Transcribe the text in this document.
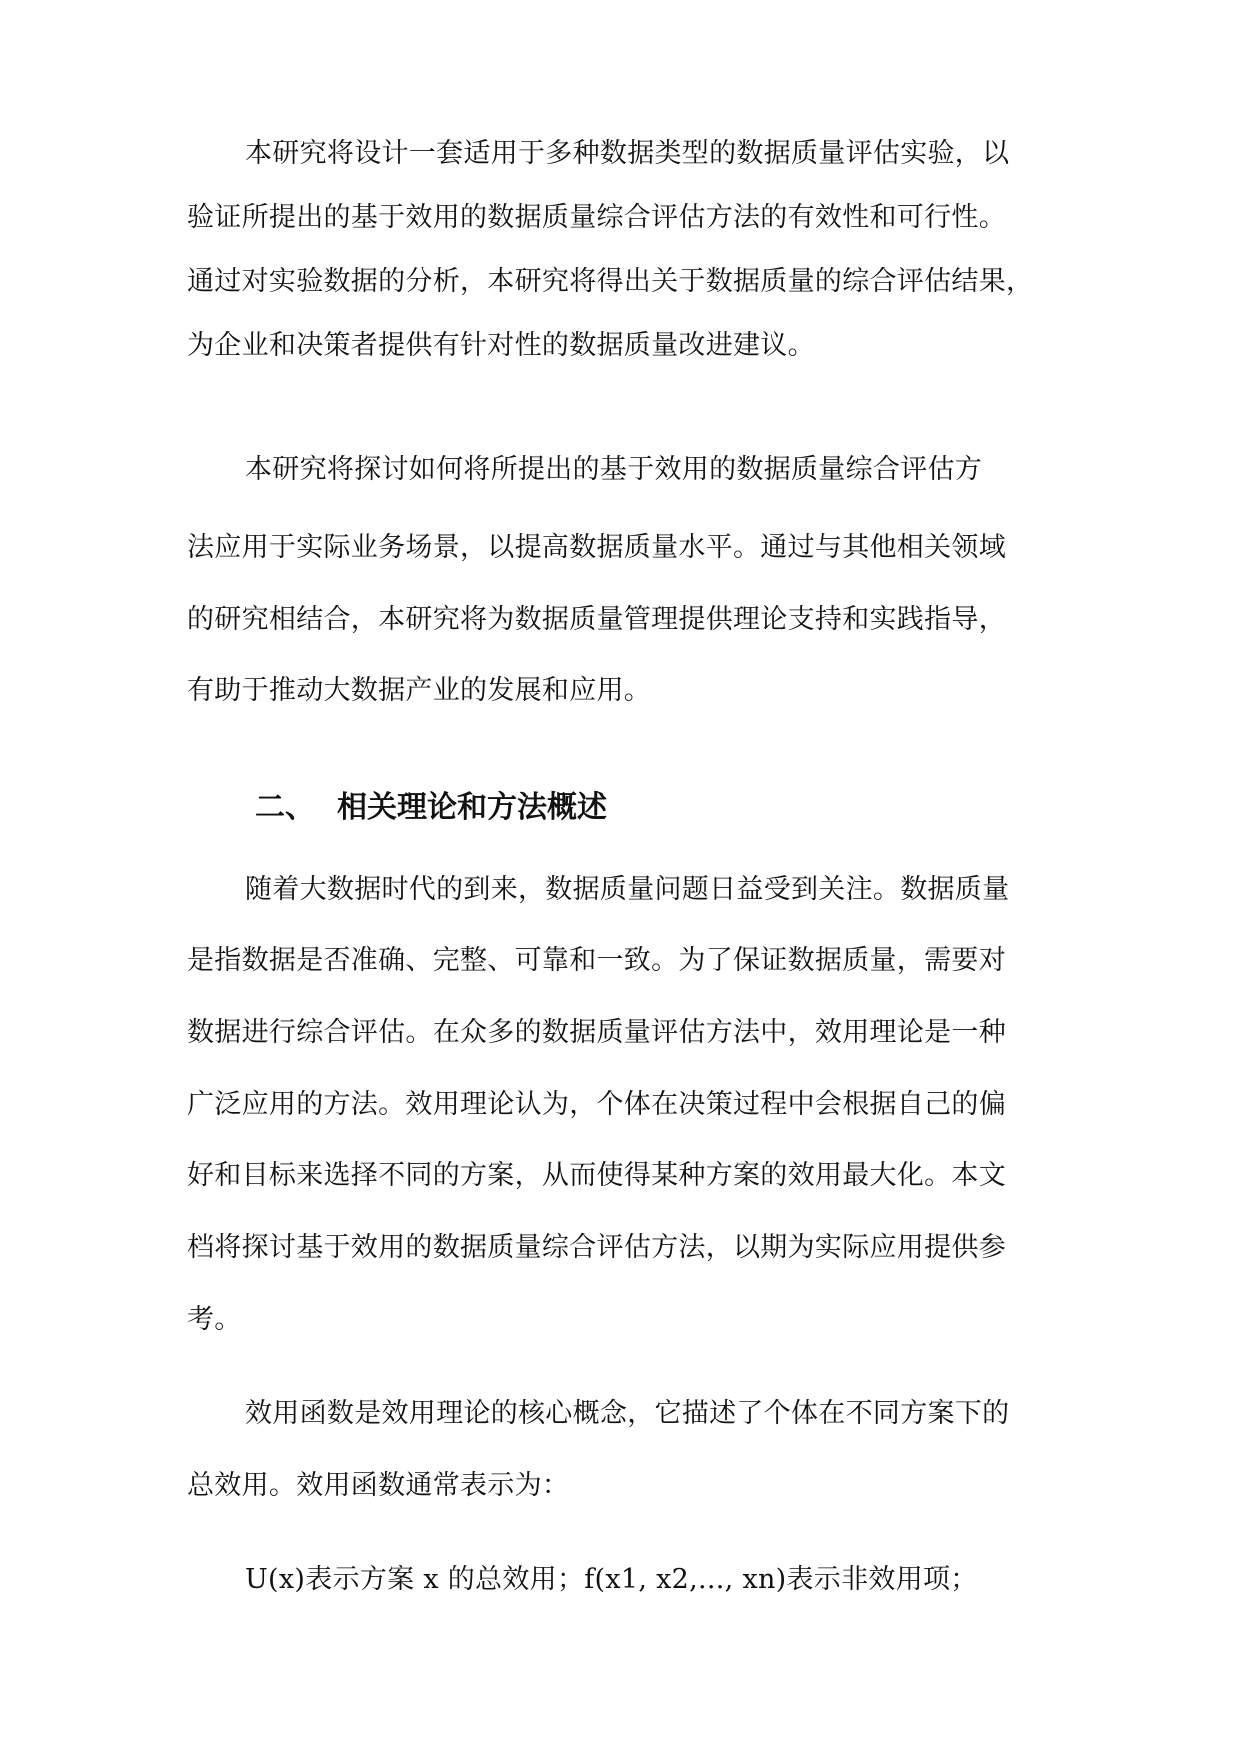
本研究将设计一套适用于多种数据类型的数据质量评估实验，以
验证所提出的基于效用的数据质量综合评估方法的有效性和可行性。
通过对实验数据的分析，本研究将得出关于数据质量的综合评估结果，
为企业和决策者提供有针对性的数据质量改进建议。
本研究将探讨如何将所提出的基于效用的数据质量综合评估方
法应用于实际业务场景，以提高数据质量水平。通过与其他相关领域
的研究相结合，本研究将为数据质量管理提供理论支持和实践指导，
有助于推动大数据产业的发展和应用。
二、 相关理论和方法概述
随着大数据时代的到来，数据质量问题日益受到关注。数据质量
是指数据是否准确、完整、可靠和一致。为了保证数据质量，需要对
数据进行综合评估。在众多的数据质量评估方法中，效用理论是一种
广泛应用的方法。效用理论认为，个体在决策过程中会根据自己的偏
好和目标来选择不同的方案，从而使得某种方案的效用最大化。本文
档将探讨基于效用的数据质量综合评估方法，以期为实际应用提供参
考。
效用函数是效用理论的核心概念，它描述了个体在不同方案下的
总效用。效用函数通常表示为：
U(x)表示方案 x 的总效用；f(x1, x2,..., xn)表示非效用项；
